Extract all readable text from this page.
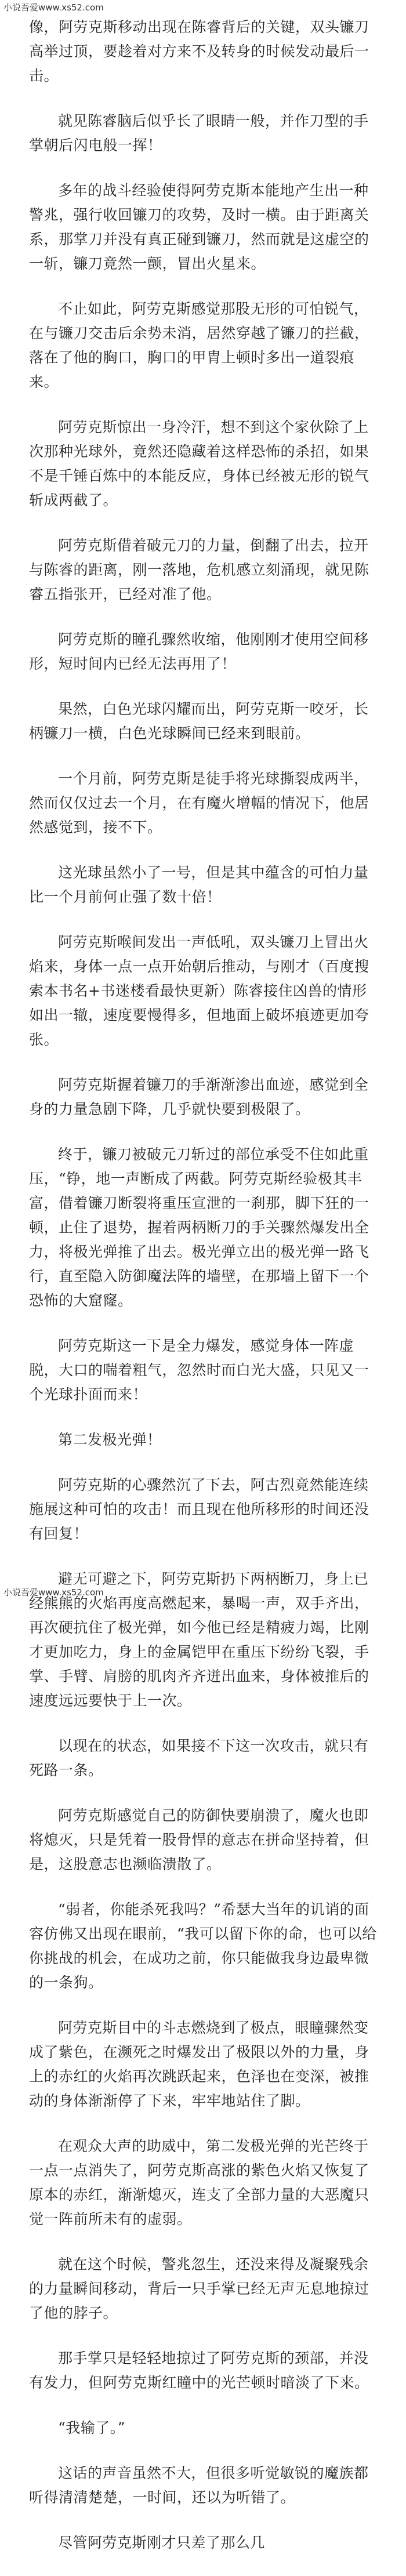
小说吾爱www.xs52.com

像，阿劳克斯移动出现在陈睿背后的关键，双头镰刀高举过顶，要趁着对方来不及转身的时候发动最后一击。

就见陈睿脑后似乎长了眼睛一般，并作刀型的手掌朝后闪电般一挥！

多年的战斗经验使得阿劳克斯本能地产生出一种警兆，强行收回镰刀的攻势，及时一横。由于距离关系，那掌刀并没有真正碰到镰刀，然而就是这虚空的一斩，镰刀竟然一颤，冒出火星来。

不止如此，阿劳克斯感觉那股无形的可怕锐气，在与镰刀交击后余势未消，居然穿越了镰刀的拦截，落在了他的胸口，胸口的甲胄上顿时多出一道裂痕来。

阿劳克斯惊出一身冷汗，想不到这个家伙除了上次那种光球外，竟然还隐藏着这样恐怖的杀招，如果不是千锤百炼中的本能反应，身体已经被无形的锐气斩成两截了。

阿劳克斯借着破元刀的力量，倒翻了出去，拉开与陈睿的距离，刚一落地，危机感立刻涌现，就见陈睿五指张开，已经对准了他。

阿劳克斯的瞳孔骤然收缩，他刚刚才使用空间移形，短时间内已经无法再用了！

果然，白色光球闪耀而出，阿劳克斯一咬牙，长柄镰刀一横，白色光球瞬间已经来到眼前。

一个月前，阿劳克斯是徒手将光球撕裂成两半，然而仅仅过去一个月，在有魔火增幅的情况下，他居然感觉到，接不下。

这光球虽然小了一号，但是其中蕴含的可怕力量比一个月前何止强了数十倍！

阿劳克斯喉间发出一声低吼，双头镰刀上冒出火焰来，身体一点一点开始朝后推动，与刚才（百度搜索本书名+书迷楼看最快更新）陈睿接住凶兽的情形如出一辙，速度要慢得多，但地面上破坏痕迹更加夸张。

阿劳克斯握着镰刀的手渐渐渗出血迹，感觉到全身的力量急剧下降，几乎就快要到极限了。

终于，镰刀被破元刀斩过的部位承受不住如此重压，“铮，地一声断成了两截。阿劳克斯经验极其丰富，借着镰刀断裂将重压宣泄的一刹那，脚下狂的一顿，止住了退势，握着两柄断刀的手关骤然爆发出全力，将极光弹推了出去。极光弹立出的极光弹一路飞行，直至隐入防御魔法阵的墙壁，在那墙上留下一个恐怖的大窟窿。

阿劳克斯这一下是全力爆发，感觉身体一阵虚脱，大口的喘着粗气，忽然时而白光大盛，只见又一个光球扑面而来！

第二发极光弹！

阿劳克斯的心骤然沉了下去，阿古烈竟然能连续施展这种可怕的攻击！而且现在他所移形的时间还没有回复！

避无可避之下，阿劳克斯扔下两柄断刀，身上已经熊熊的火焰再度高燃起来，暴喝一声，双手齐出，再次硬抗住了极光弹，如今他已经是精疲力竭，比刚才更加吃力，身上的金属铠甲在重压下纷纷飞裂，手掌、手臂、肩膀的肌肉齐齐迸出血来，身体被推后的速度远远要快于上一次。

以现在的状态，如果接不下这一次攻击，就只有死路一条。

阿劳克斯感觉自己的防御快要崩溃了，魔火也即将熄灭，只是凭着一股骨悍的意志在拼命坚持着，但是，这股意志也濒临溃散了。

“弱者，你能杀死我吗？”希瑟大当年的讥诮的面容仿佛又出现在眼前，“我可以留下你的命，也可以给你挑战的机会，在成功之前，你只能做我身边最卑微的一条狗。

阿劳克斯目中的斗志燃烧到了极点，眼瞳骤然变成了紫色，在濒死之时爆发出了极限以外的力量，身上的赤红的火焰再次跳跃起来，色泽也在变深，被推动的身体渐渐停了下来，牢牢地站住了脚。

在观众大声的助威中，第二发极光弹的光芒终于一点一点消失了，阿劳克斯高涨的紫色火焰又恢复了原本的赤红，渐渐熄灭，连支了全部力量的大恶魔只觉一阵前所未有的虚弱。

就在这个时候，警兆忽生，还没来得及凝聚残余的力量瞬间移动，背后一只手掌已经无声无息地掠过了他的脖子。

那手掌只是轻轻地掠过了阿劳克斯的颈部，并没有发力，但阿劳克斯红瞳中的光芒顿时暗淡了下来。

“我输了。”

这话的声音虽然不大，但很多听觉敏锐的魔族都听得清清楚楚，一时间，还以为听错了。

尽管阿劳克斯刚才只差了那么几

小说吾爱www.xs52.com
